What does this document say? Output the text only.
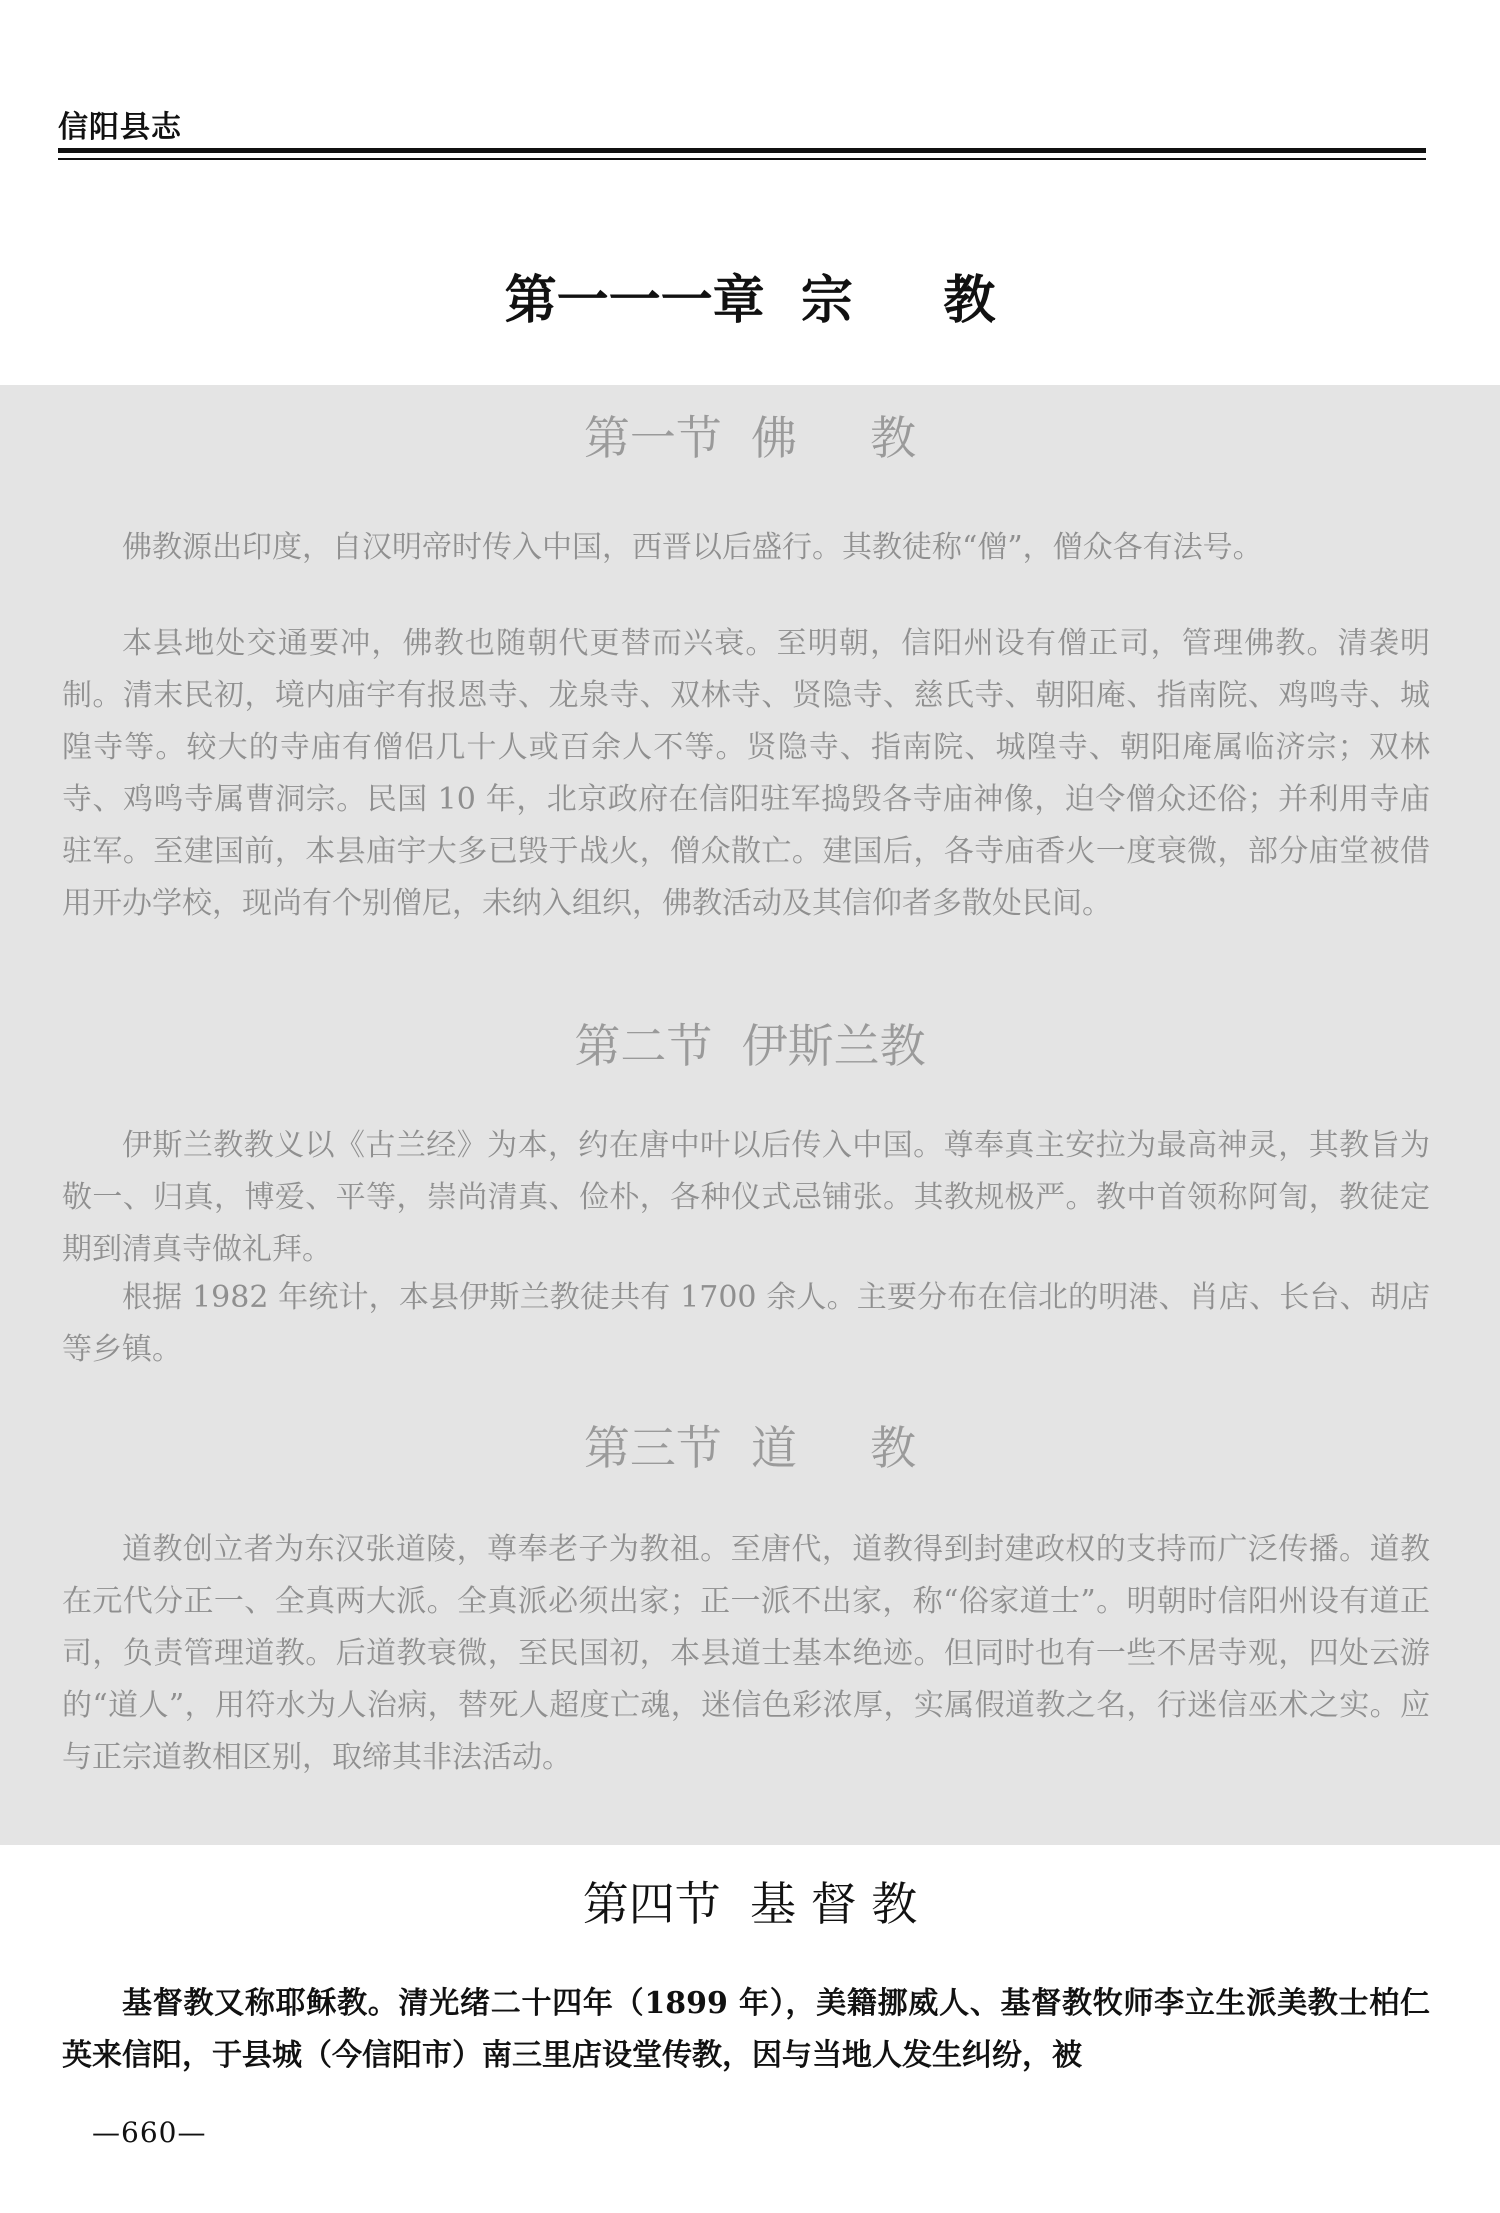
信阳县志
第一一一章  宗     教
第一节  佛     教

佛教源出印度，自汉明帝时传入中国，西晋以后盛行。其教徒称“僧”，僧众各有法号。

本县地处交通要冲，佛教也随朝代更替而兴衰。至明朝，信阳州设有僧正司，管理佛教。清袭明制。清末民初，境内庙宇有报恩寺、龙泉寺、双林寺、贤隐寺、慈氏寺、朝阳庵、指南院、鸡鸣寺、城隍寺等。较大的寺庙有僧侣几十人或百余人不等。贤隐寺、指南院、城隍寺、朝阳庵属临济宗；双林寺、鸡鸣寺属曹洞宗。民国 10 年，北京政府在信阳驻军捣毁各寺庙神像，迫令僧众还俗；并利用寺庙驻军。至建国前，本县庙宇大多已毁于战火，僧众散亡。建国后，各寺庙香火一度衰微，部分庙堂被借用开办学校，现尚有个别僧尼，未纳入组织，佛教活动及其信仰者多散处民间。

第二节  伊斯兰教

伊斯兰教教义以《古兰经》为本，约在唐中叶以后传入中国。尊奉真主安拉为最高神灵，其教旨为敬一、归真，博爱、平等，崇尚清真、俭朴，各种仪式忌铺张。其教规极严。教中首领称阿訇，教徒定期到清真寺做礼拜。

根据 1982 年统计，本县伊斯兰教徒共有 1700 余人。主要分布在信北的明港、肖店、长台、胡店等乡镇。

第三节  道     教

道教创立者为东汉张道陵，尊奉老子为教祖。至唐代，道教得到封建政权的支持而广泛传播。道教在元代分正一、全真两大派。全真派必须出家；正一派不出家，称“俗家道士”。明朝时信阳州设有道正司，负责管理道教。后道教衰微，至民国初，本县道士基本绝迹。但同时也有一些不居寺观，四处云游的“道人”，用符水为人治病，替死人超度亡魂，迷信色彩浓厚，实属假道教之名，行迷信巫术之实。应与正宗道教相区别，取缔其非法活动。

第四节  基 督 教

基督教又称耶稣教。清光绪二十四年（1899 年），美籍挪威人、基督教牧师李立生派美教士柏仁英来信阳，于县城（今信阳市）南三里店设堂传教，因与当地人发生纠纷，被

—660—
